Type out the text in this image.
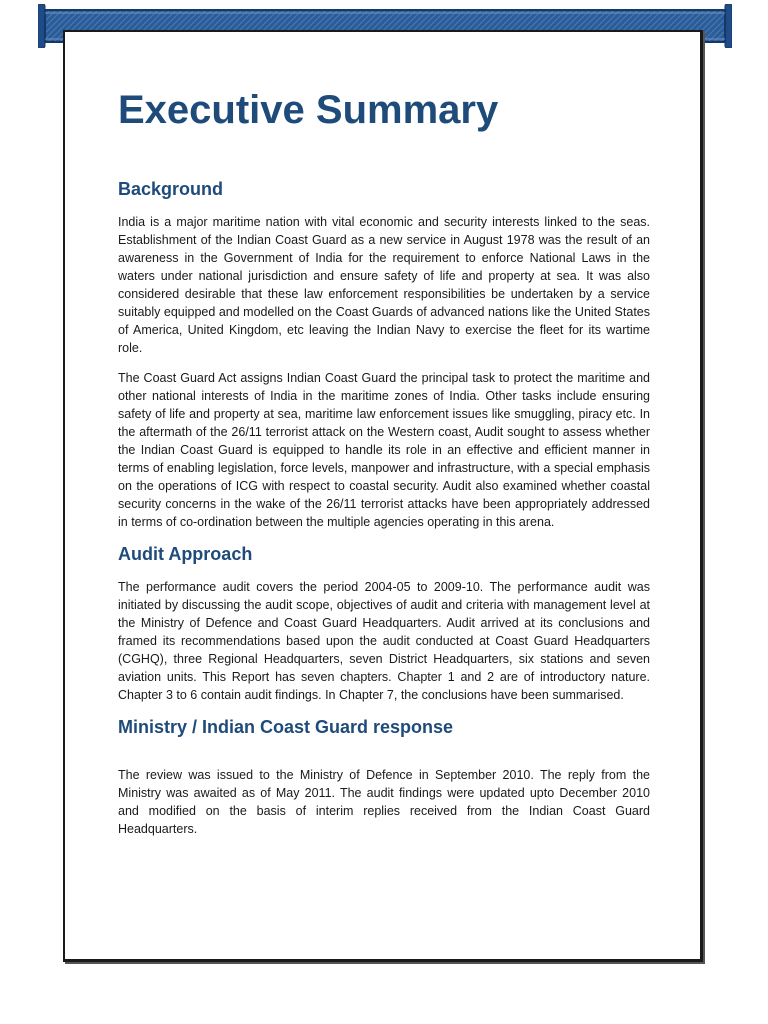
Executive Summary
Background

India is a major maritime nation with vital economic and security interests linked to the seas. Establishment of the Indian Coast Guard as a new service in August 1978 was the result of an awareness in the Government of India for the requirement to enforce National Laws in the waters under national jurisdiction and ensure safety of life and property at sea. It was also considered desirable that these law enforcement responsibilities be undertaken by a service suitably equipped and modelled on the Coast Guards of advanced nations like the United States of America, United Kingdom, etc leaving the Indian Navy to exercise the fleet for its wartime role.

The Coast Guard Act assigns Indian Coast Guard the principal task to protect the maritime and other national interests of India in the maritime zones of India. Other tasks include ensuring safety of life and property at sea, maritime law enforcement issues like smuggling, piracy etc. In the aftermath of the 26/11 terrorist attack on the Western coast, Audit sought to assess whether the Indian Coast Guard is equipped to handle its role in an effective and efficient manner in terms of enabling legislation, force levels, manpower and infrastructure, with a special emphasis on the operations of ICG with respect to coastal security. Audit also examined whether coastal security concerns in the wake of the 26/11 terrorist attacks have been appropriately addressed in terms of co-ordination between the multiple agencies operating in this arena.

Audit Approach

The performance audit covers the period 2004-05 to 2009-10. The performance audit was initiated by discussing the audit scope, objectives of audit and criteria with management level at the Ministry of Defence and Coast Guard Headquarters. Audit arrived at its conclusions and framed its recommendations based upon the audit conducted at Coast Guard Headquarters (CGHQ), three Regional Headquarters, seven District Headquarters, six stations and seven aviation units. This Report has seven chapters. Chapter 1 and 2 are of introductory nature. Chapter 3 to 6 contain audit findings. In Chapter 7, the conclusions have been summarised.

Ministry / Indian Coast Guard response

The review was issued to the Ministry of Defence in September 2010. The reply from the Ministry was awaited as of May 2011. The audit findings were updated upto December 2010 and modified on the basis of interim replies received from the Indian Coast Guard Headquarters.
